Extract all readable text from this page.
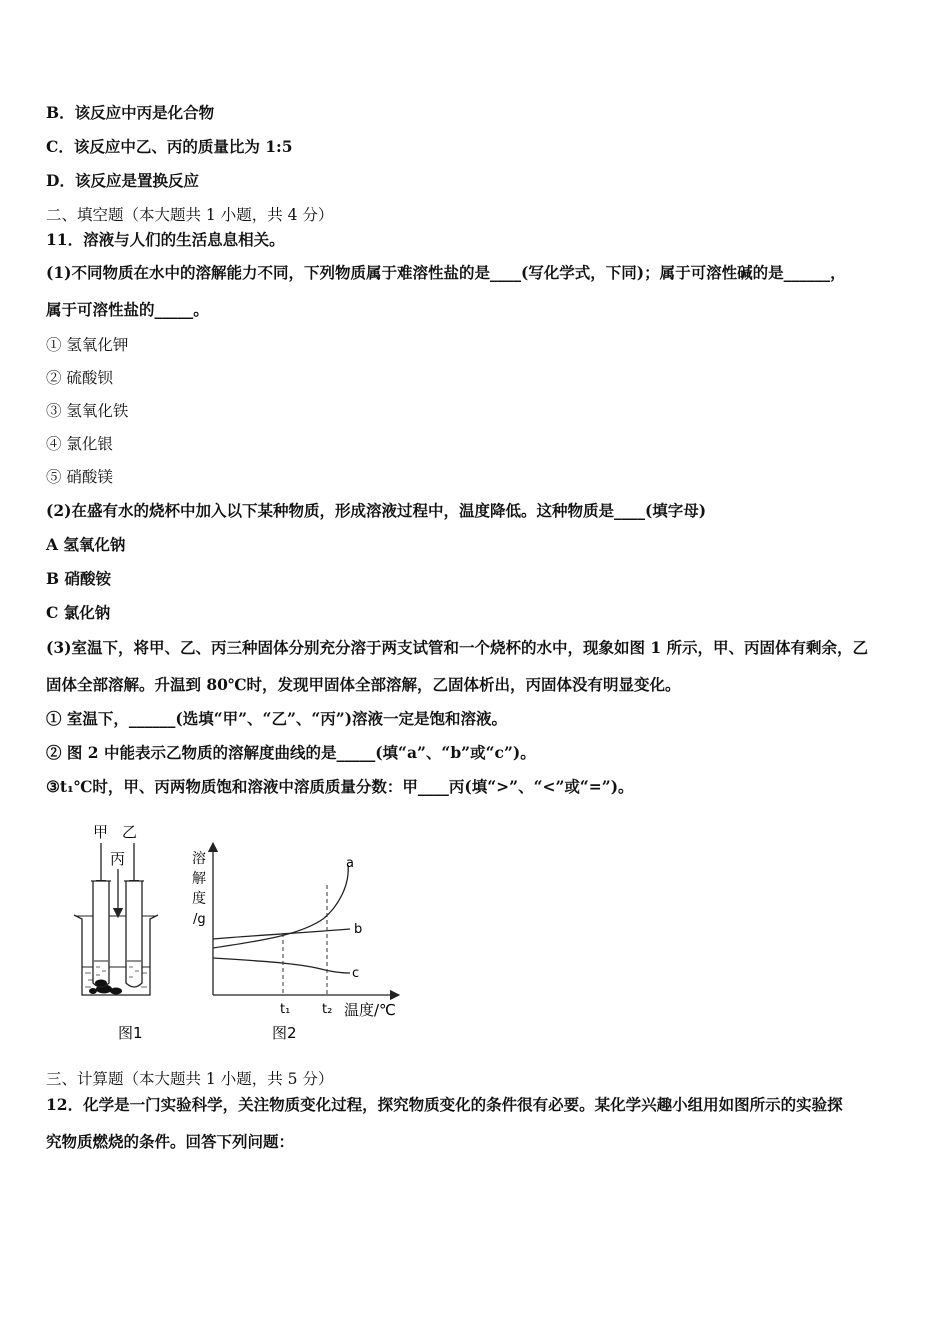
B．该反应中丙是化合物
C．该反应中乙、丙的质量比为 1:5
D．该反应是置换反应
二、填空题（本大题共 1 小题，共 4 分）
11．溶液与人们的生活息息相关。
(1)不同物质在水中的溶解能力不同，下列物质属于难溶性盐的是____(写化学式，下同)；属于可溶性碱的是______，
属于可溶性盐的_____。
① 氢氧化钾
② 硫酸钡
③ 氢氧化铁
④ 氯化银
⑤ 硝酸镁
(2)在盛有水的烧杯中加入以下某种物质，形成溶液过程中，温度降低。这种物质是____(填字母)
A 氢氧化钠
B 硝酸铵
C 氯化钠
(3)室温下，将甲、乙、丙三种固体分别充分溶于两支试管和一个烧杯的水中，现象如图 1 所示，甲、丙固体有剩余，乙
固体全部溶解。升温到 80℃时，发现甲固体全部溶解，乙固体析出，丙固体没有明显变化。
① 室温下，______(选填“甲”、“乙”、“丙”)溶液一定是饱和溶液。
② 图 2 中能表示乙物质的溶解度曲线的是_____(填“a”、“b”或“c”)。
③t₁℃时，甲、丙两物质饱和溶液中溶质质量分数：甲____丙(填“>”、“<”或“=”)。
甲 乙
丙
图1
溶
解
度
/g
a
b
c
t₁ t₂ 温度/℃
图2
三、计算题（本大题共 1 小题，共 5 分）
12．化学是一门实验科学，关注物质变化过程，探究物质变化的条件很有必要。某化学兴趣小组用如图所示的实验探
究物质燃烧的条件。回答下列问题：
